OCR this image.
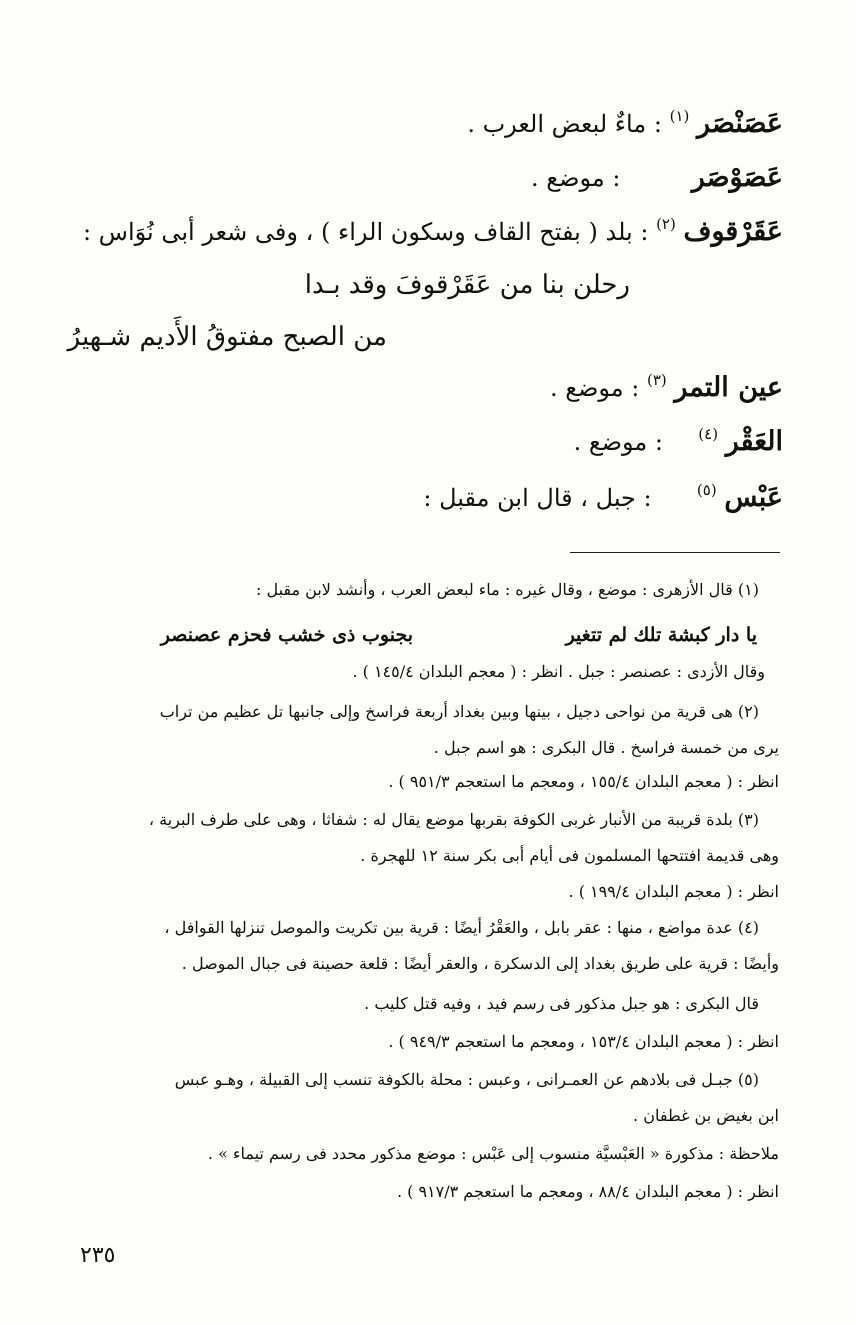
عَصَنْصَر $^{(١)}$ : ماءٌ لبعض العرب .
عَصَوْصَر  : موضع .
عَقَرْقوف $^{(٢)}$ : بلد ( بفتح القاف وسكون الراء ) ، وفى شعر أبى نُوَاس :
رحلن بنا من عَقَرْقوفَ وقد بـدا
من الصبح مفتوقُ الأَديم شـهيرُ
عين التمر $^{(٣)}$ : موضع .
العَقْر $^{(٤)}$  : موضع .
عَبْس $^{(٥)}$  : جبل ، قال ابن مقبل :
(١) قال الأزهرى : موضع ، وقال غيره : ماء لبعض العرب ، وأنشد لابن مقبل :
يا دار كبشة تلك لم تتغير
بجنوب ذى خشب فحزم عصنصر
وقال الأزدى : عصنصر : جبل . انظر : ( معجم البلدان ١٤٥/٤ ) .
(٢) هى قرية من نواحى دجيل ، بينها وبين بغداد أربعة فراسخ وإلى جانبها تل عظيم من تراب
يرى من خمسة فراسخ . قال البكرى : هو اسم جبل .
انظر : ( معجم البلدان ١٥٥/٤ ، ومعجم ما استعجم ٩٥١/٣ ) .
(٣) بلدة قريبة من الأنبار غربى الكوفة بقربها موضع يقال له : شفاثا ، وهى على طرف البرية ،
وهى قديمة افتتحها المسلمون فى أيام أبى بكر سنة ١٢ للهجرة .
انظر : ( معجم البلدان ١٩٩/٤ ) .
(٤) عدة مواضع ، منها : عقر بابل ، والعَقْرُ أيضًا : قرية بين تكريت والموصل تنزلها القوافل ،
وأيضًا : قرية على طريق بغداد إلى الدسكرة ، والعقر أيضًا : قلعة حصينة فى جبال الموصل .
قال البكرى : هو جبل مذكور فى رسم فيد ، وفيه قتل كليب .
انظر : ( معجم البلدان ١٥٣/٤ ، ومعجم ما استعجم ٩٤٩/٣ ) .
(٥) جبـل فى بلادهم عن العمـرانى ، وعبس : محلة بالكوفة تنسب إلى القبيلة ، وهـو عبس
ابن بغيض بن غطفان .
ملاحظة : مذكورة « العَبْسيَّة منسوب إلى عَبْس : موضع مذكور محدد فى رسم تيماء » .
انظر : ( معجم البلدان ٨٨/٤ ، ومعجم ما استعجم ٩١٧/٣ ) .
٢٣٥
